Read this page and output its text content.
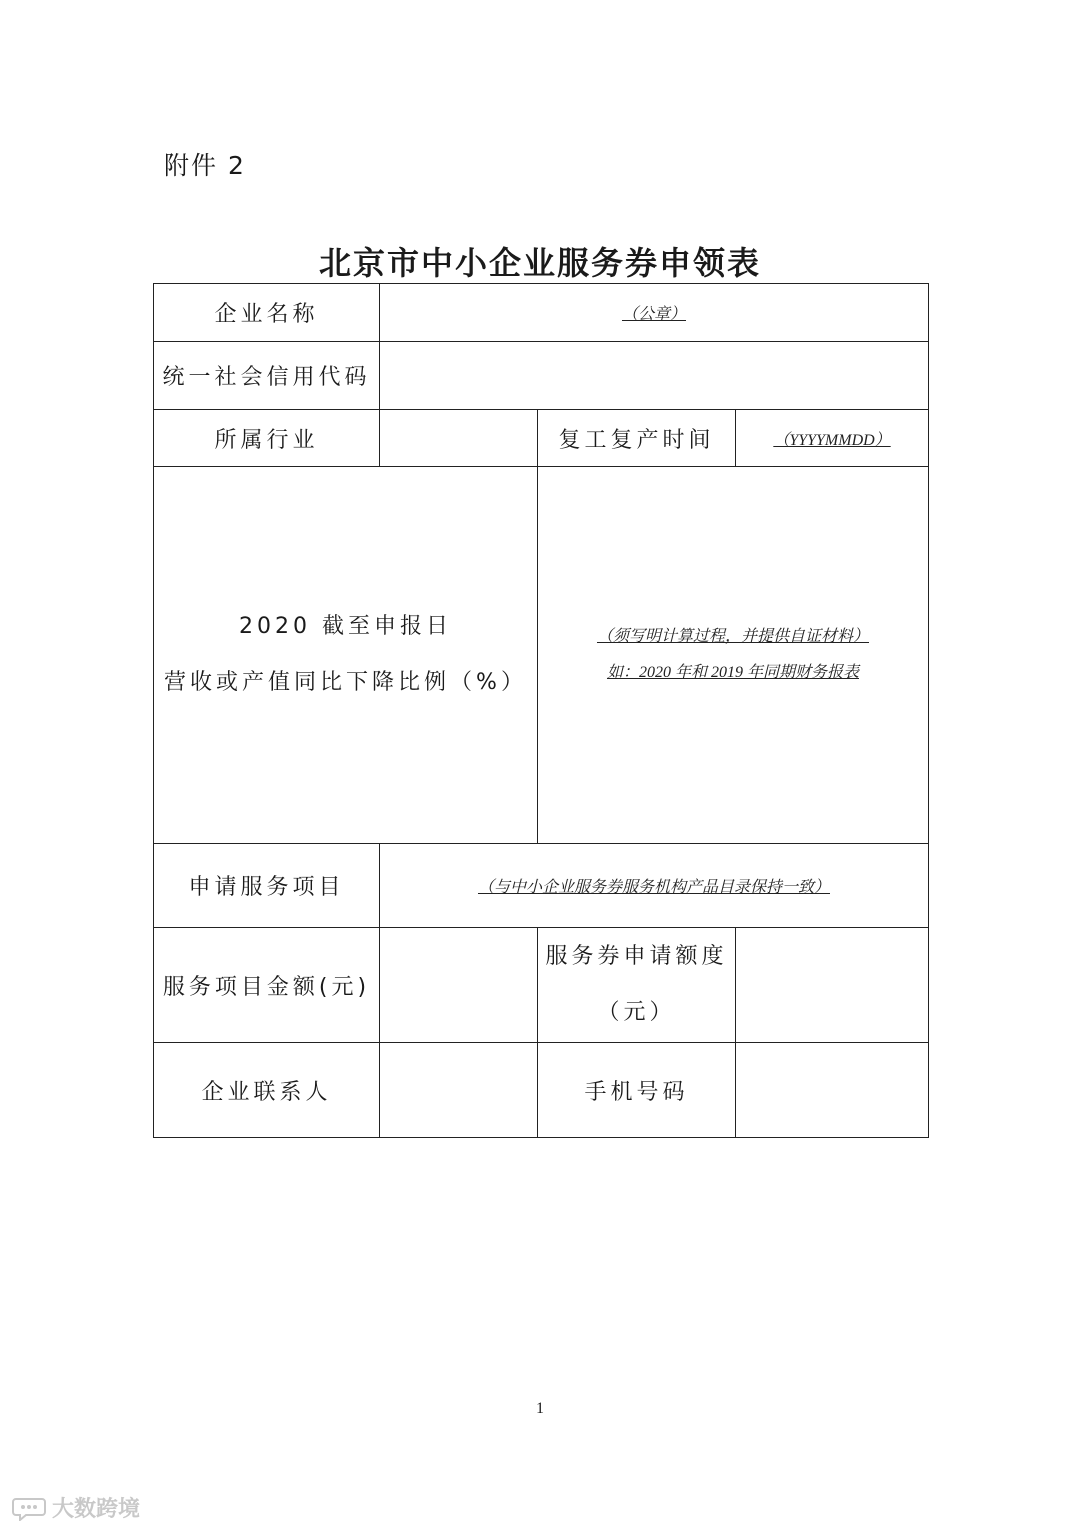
附件 2
北京市中小企业服务券申领表
企业名称	（公章）		
统一社会信用代码			
所属行业		复工复产时间	（YYYYMMDD）

2020 截至申报日
营收或产值同比下降比例（%）		（须写明计算过程，并提供自证材料）
如：2020 年和 2019 年同期财务报表	

申请服务项目	（与中小企业服务券服务机构产品目录保持一致）		
服务项目金额(元)		服务券申请额度
（元）	

企业联系人		手机号码	
1
大数跨境
